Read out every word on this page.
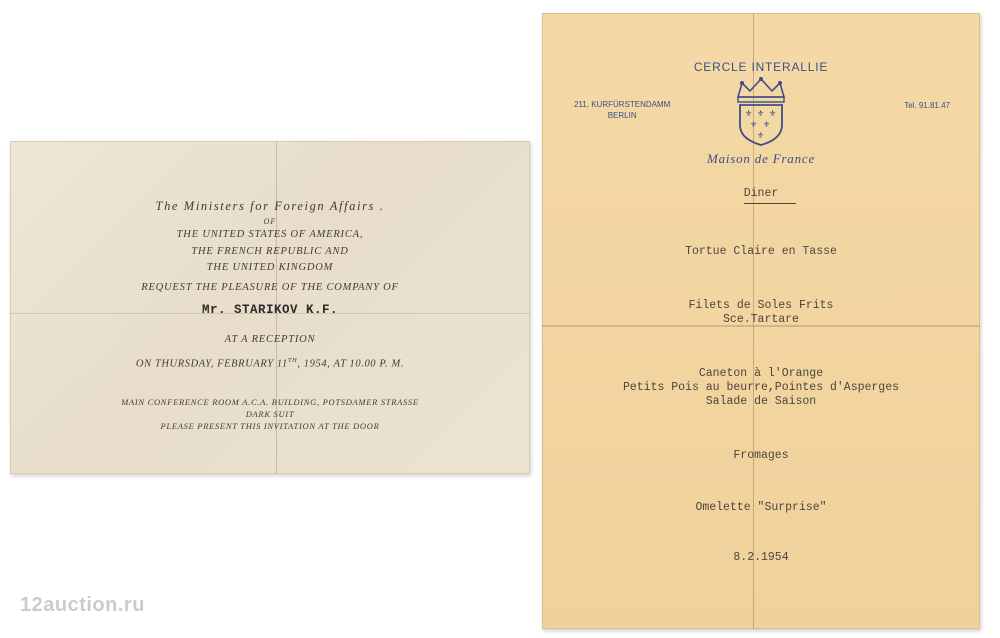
The Ministers for Foreign Affairs .
OF
THE UNITED STATES OF AMERICA,
THE FRENCH REPUBLIC AND
THE UNITED KINGDOM
REQUEST THE PLEASURE OF THE COMPANY OF
Mr. STARIKOV K.F.
AT A RECEPTION
ON THURSDAY, FEBRUARY 11TH, 1954, AT 10.00 P. M.
MAIN CONFERENCE ROOM A.C.A. BUILDING, POTSDAMER STRASSE
DARK SUIT
PLEASE PRESENT THIS INVITATION AT THE DOOR
CERCLE INTERALLIE
211, KURFÜRSTENDAMM
BERLIN
Tel. 91.81.47
⚜ ⚜ ⚜
⚜ ⚜
⚜
Maison de France
Diner
Tortue Claire en Tasse
Filets de Soles Frits
Sce.Tartare
Caneton à l'Orange
Petits Pois au beurre,Pointes d'Asperges
Salade de Saison
Fromages
Omelette "Surprise"
8.2.1954
12auction.ru
